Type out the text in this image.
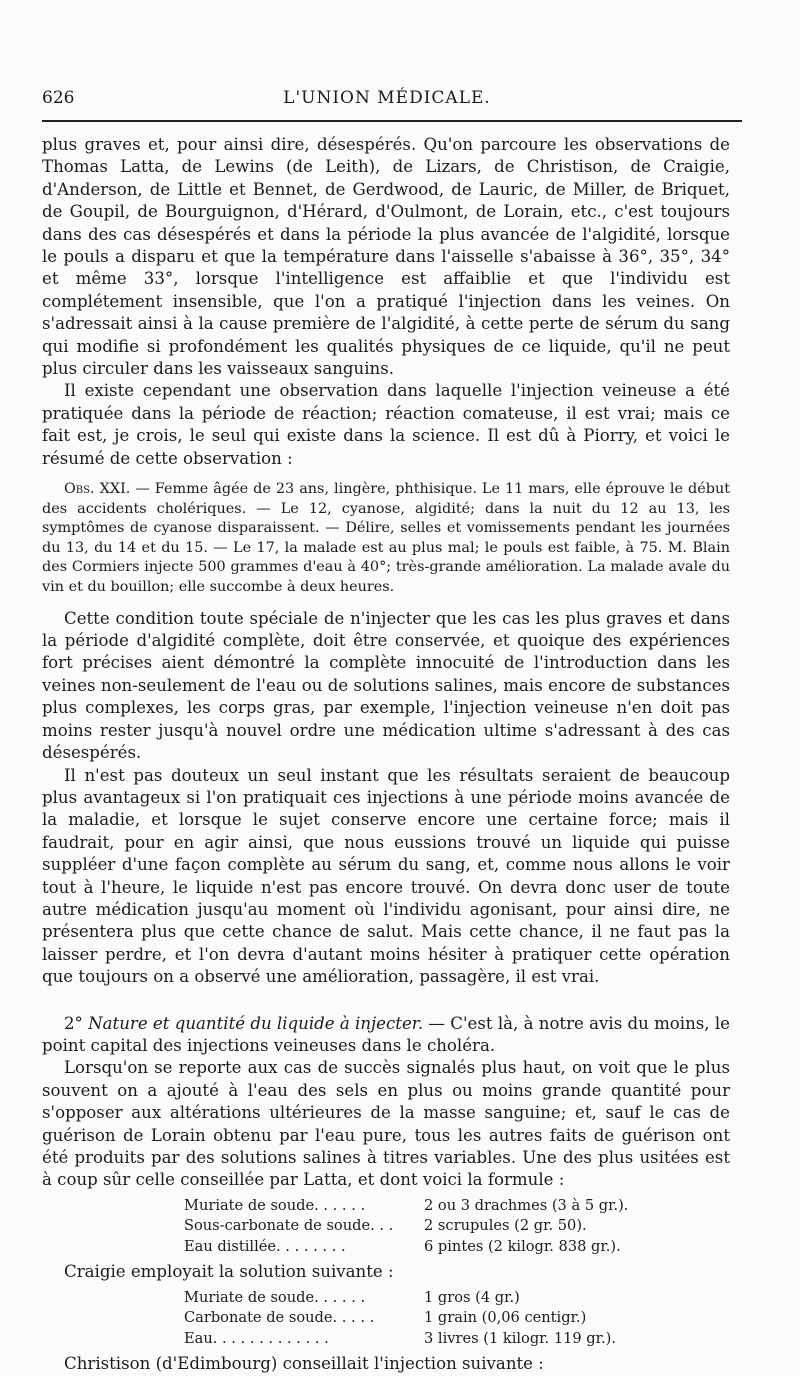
626	L'UNION MÉDICALE.

plus graves et, pour ainsi dire, désespérés. Qu'on parcoure les observations de Thomas Latta, de Lewins (de Leith), de Lizars, de Christison, de Craigie, d'Anderson, de Little et Bennet, de Gerdwood, de Lauric, de Miller, de Briquet, de Goupil, de Bourguignon, d'Hérard, d'Oulmont, de Lorain, etc., c'est toujours dans des cas désespérés et dans la période la plus avancée de l'algidité, lorsque le pouls a disparu et que la température dans l'aisselle s'abaisse à 36°, 35°, 34° et même 33°, lorsque l'intelligence est affaiblie et que l'individu est complétement insensible, que l'on a pratiqué l'injection dans les veines. On s'adressait ainsi à la cause première de l'algidité, à cette perte de sérum du sang qui modifie si profondément les qualités physiques de ce liquide, qu'il ne peut plus circuler dans les vaisseaux sanguins.

Il existe cependant une observation dans laquelle l'injection veineuse a été pratiquée dans la période de réaction; réaction comateuse, il est vrai; mais ce fait est, je crois, le seul qui existe dans la science. Il est dû à Piorry, et voici le résumé de cette observation :

Obs. XXI. — Femme âgée de 23 ans, lingère, phthisique. Le 11 mars, elle éprouve le début des accidents cholériques. — Le 12, cyanose, algidité; dans la nuit du 12 au 13, les symptômes de cyanose disparaissent. — Délire, selles et vomissements pendant les journées du 13, du 14 et du 15. — Le 17, la malade est au plus mal; le pouls est faible, à 75. M. Blain des Cormiers injecte 500 grammes d'eau à 40°; très-grande amélioration. La malade avale du vin et du bouillon; elle succombe à deux heures.

Cette condition toute spéciale de n'injecter que les cas les plus graves et dans la période d'algidité complète, doit être conservée, et quoique des expériences fort précises aient démontré la complète innocuité de l'introduction dans les veines non-seulement de l'eau ou de solutions salines, mais encore de substances plus complexes, les corps gras, par exemple, l'injection veineuse n'en doit pas moins rester jusqu'à nouvel ordre une médication ultime s'adressant à des cas désespérés.

Il n'est pas douteux un seul instant que les résultats seraient de beaucoup plus avantageux si l'on pratiquait ces injections à une période moins avancée de la maladie, et lorsque le sujet conserve encore une certaine force; mais il faudrait, pour en agir ainsi, que nous eussions trouvé un liquide qui puisse suppléer d'une façon complète au sérum du sang, et, comme nous allons le voir tout à l'heure, le liquide n'est pas encore trouvé. On devra donc user de toute autre médication jusqu'au moment où l'individu agonisant, pour ainsi dire, ne présentera plus que cette chance de salut. Mais cette chance, il ne faut pas la laisser perdre, et l'on devra d'autant moins hésiter à pratiquer cette opération que toujours on a observé une amélioration, passagère, il est vrai.

2° Nature et quantité du liquide à injecter. — C'est là, à notre avis du moins, le point capital des injections veineuses dans le choléra.

Lorsqu'on se reporte aux cas de succès signalés plus haut, on voit que le plus souvent on a ajouté à l'eau des sels en plus ou moins grande quantité pour s'opposer aux altérations ultérieures de la masse sanguine; et, sauf le cas de guérison de Lorain obtenu par l'eau pure, tous les autres faits de guérison ont été produits par des solutions salines à titres variables. Une des plus usitées est à coup sûr celle conseillée par Latta, et dont voici la formule :

Muriate de soude. . . . . .	2 ou 3 drachmes (3 à 5 gr.).
Sous-carbonate de soude. . .	2 scrupules (2 gr. 50).
Eau distillée. . . . . . . .	6 pintes (2 kilogr. 838 gr.).

Craigie employait la solution suivante :

Muriate de soude. . . . . .	1 gros (4 gr.)
Carbonate de soude. . . . .	1 grain (0,06 centigr.)
Eau. . . . . . . . . . . . .	3 livres (1 kilogr. 119 gr.).

Christison (d'Edimbourg) conseillait l'injection suivante :
